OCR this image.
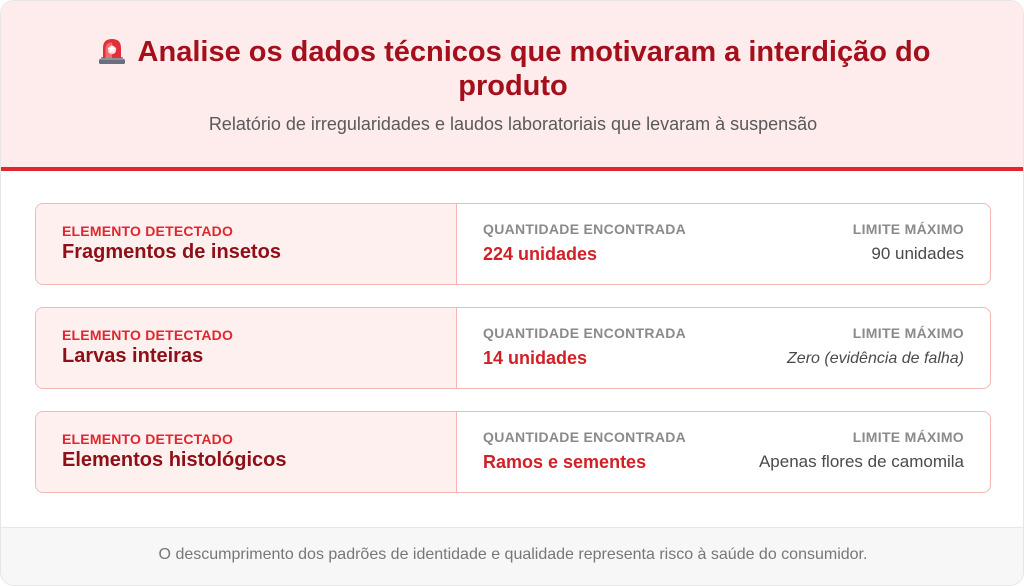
Analise os dados técnicos que motivaram a interdição do produto
Relatório de irregularidades e laudos laboratoriais que levaram à suspensão
ELEMENTO DETECTADO
Fragmentos de insetos
QUANTIDADE ENCONTRADA
224 unidades
LIMITE MÁXIMO
90 unidades
ELEMENTO DETECTADO
Larvas inteiras
QUANTIDADE ENCONTRADA
14 unidades
LIMITE MÁXIMO
Zero (evidência de falha)
ELEMENTO DETECTADO
Elementos histológicos
QUANTIDADE ENCONTRADA
Ramos e sementes
LIMITE MÁXIMO
Apenas flores de camomila
O descumprimento dos padrões de identidade e qualidade representa risco à saúde do consumidor.
